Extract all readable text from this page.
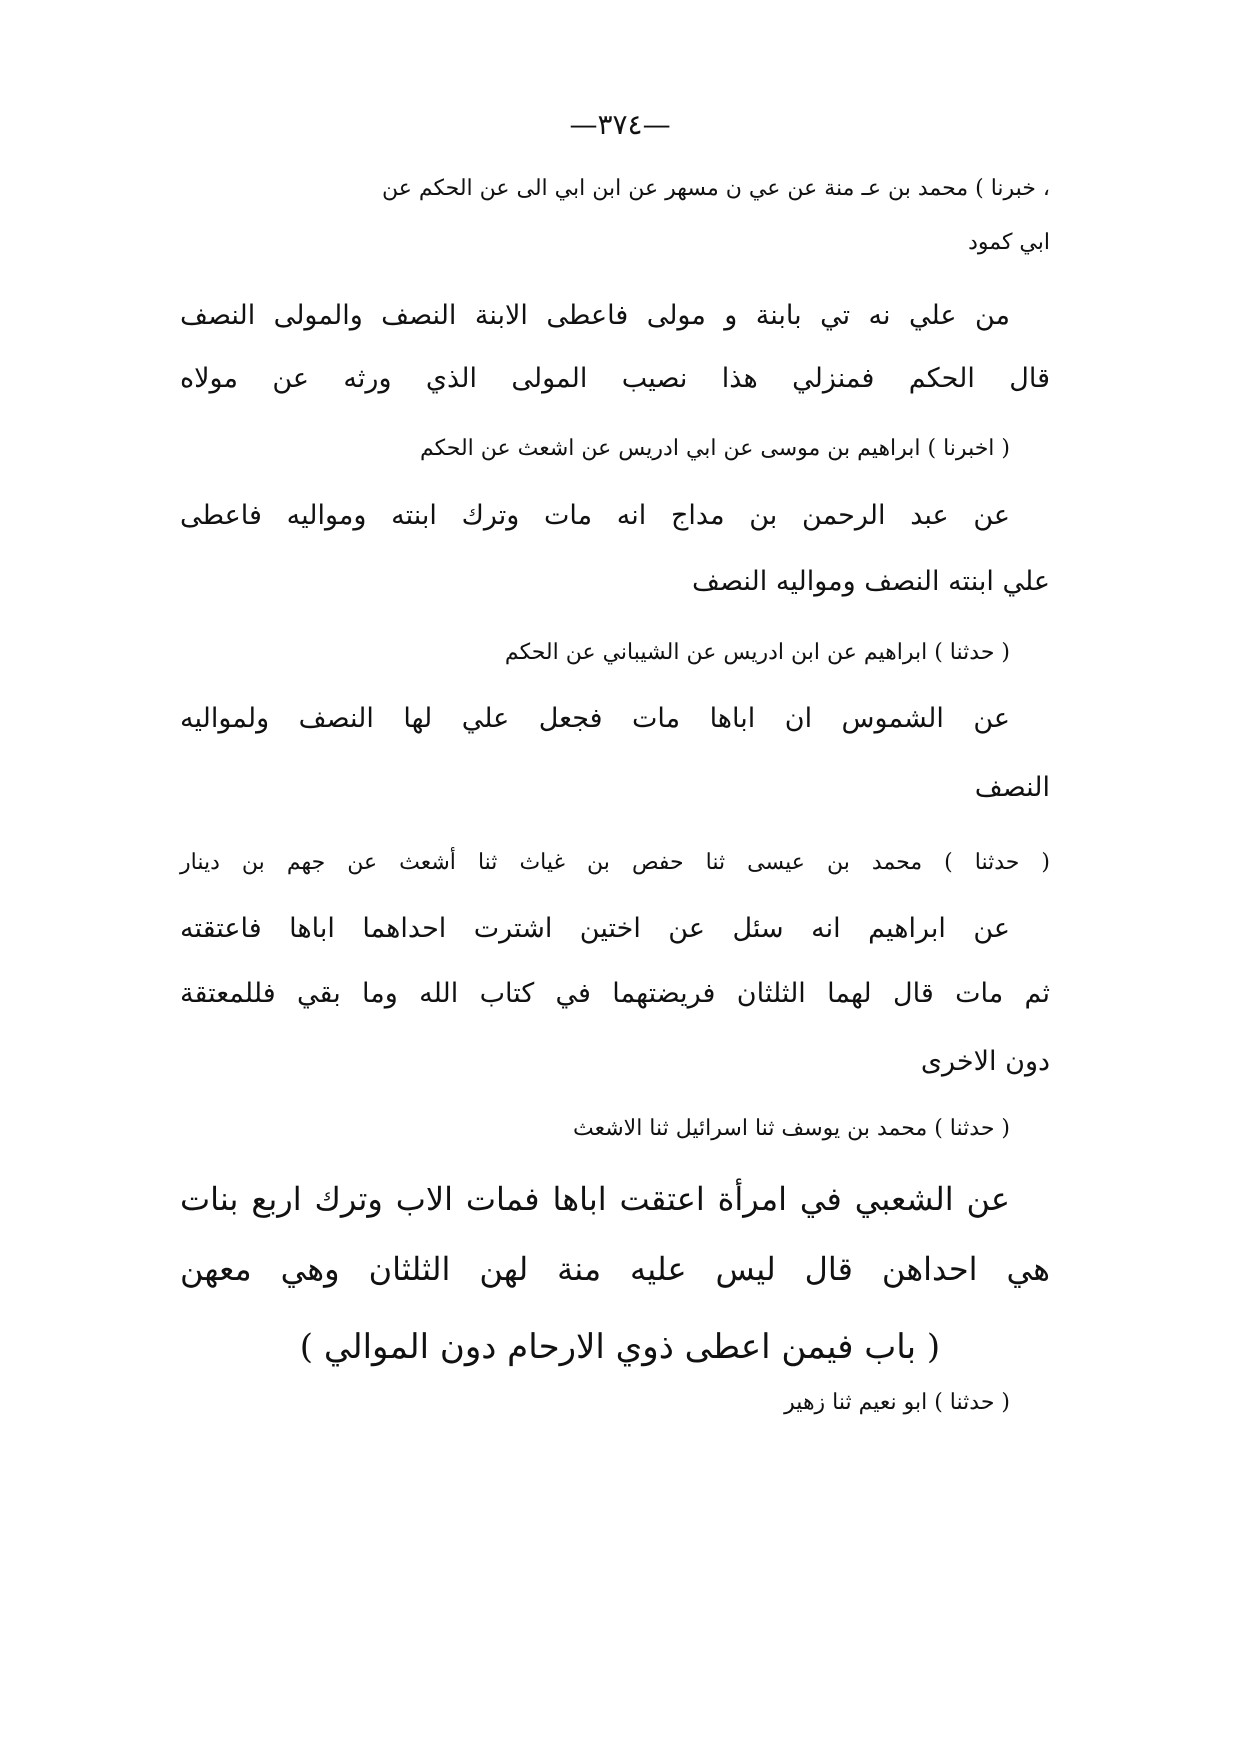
—٣٧٤—
، خبرنا ) محمد بن عـ منة عن عي ن مسهر عن ابن ابي الى عن الحكم عن
ابي كمود
من علي نه تي بابنة و مولى فاعطى الابنة النصف والمولى النصف
قال الحكم فمنزلي هذا نصيب المولى الذي ورثه عن مولاه
( اخبرنا ) ابراهيم بن موسى عن ابي ادريس عن اشعث عن الحكم
عن عبد الرحمن بن مداج انه مات وترك ابنته ومواليه فاعطى
علي ابنته النصف ومواليه النصف
( حدثنا ) ابراهيم عن ابن ادريس عن الشيباني عن الحكم
عن الشموس ان اباها مات فجعل علي لها النصف ولمواليه
النصف
( حدثنا ) محمد بن عيسى ثنا حفص بن غياث ثنا أشعث عن جهم بن دينار
عن ابراهيم انه سئل عن اختين اشترت احداهما اباها فاعتقته
ثم مات قال لهما الثلثان فريضتهما في كتاب الله وما بقي فللمعتقة
دون الاخرى
( حدثنا ) محمد بن يوسف ثنا اسرائيل ثنا الاشعث
عن الشعبي في امرأة اعتقت اباها فمات الاب وترك اربع بنات
هي احداهن قال ليس عليه منة لهن الثلثان وهي معهن
( باب فيمن اعطى ذوي الارحام دون الموالي )
( حدثنا ) ابو نعيم ثنا زهير
